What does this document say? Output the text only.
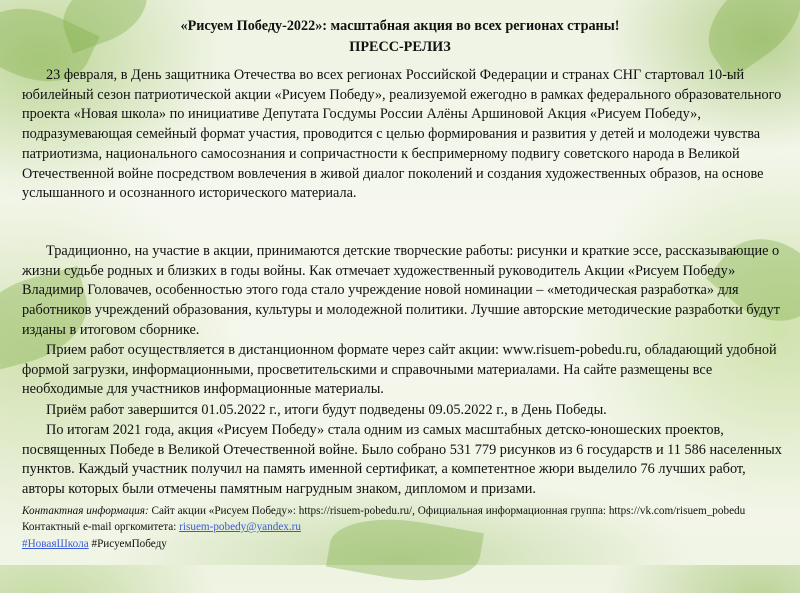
«Рисуем Победу-2022»: масштабная акция во всех регионах страны!
ПРЕСС-РЕЛИЗ

23 февраля, в День защитника Отечества во всех регионах Российской Федерации и странах СНГ стартовал 10-ый юбилейный сезон патриотической акции «Рисуем Победу», реализуемой ежегодно в рамках федерального образовательного проекта «Новая школа» по инициативе Депутата Госдумы России Алёны Аршиновой Акция «Рисуем Победу», подразумевающая семейный формат участия, проводится с целью формирования и развития у детей и молодежи чувства патриотизма, национального самосознания и сопричастности к беспримерному подвигу советского народа в Великой Отечественной войне посредством вовлечения в живой диалог поколений и создания художественных образов, на основе услышанного и осознанного исторического материала.

Традиционно, на участие в акции, принимаются детские творческие работы: рисунки и краткие эссе, рассказывающие о жизни судьбе родных и близких в годы войны. Как отмечает художественный руководитель Акции «Рисуем Победу» Владимир Головачев, особенностью этого года стало учреждение новой номинации – «методическая разработка» для работников учреждений образования, культуры и молодежной политики. Лучшие авторские методические разработки будут изданы в итоговом сборнике.

Прием работ осуществляется в дистанционном формате через сайт акции: www.risuem-pobedu.ru, обладающий удобной формой загрузки, информационными, просветительскими и справочными материалами. На сайте размещены все необходимые для участников информационные материалы.

Приём работ завершится 01.05.2022 г., итоги будут подведены 09.05.2022 г., в День Победы.

По итогам 2021 года, акция «Рисуем Победу» стала одним из самых масштабных детско-юношеских проектов, посвященных Победе в Великой Отечественной войне. Было собрано 531 779 рисунков из 6 государств и 11 586 населенных пунктов. Каждый участник получил на память именной сертификат, а компетентное жюри выделило 76 лучших работ, авторы которых были отмечены памятным нагрудным знаком, дипломом и призами.

Контактная информация: Сайт акции «Рисуем Победу»: https://risuem-pobedu.ru/, Официальная информационная группа: https://vk.com/risuem_pobedu Контактный e-mail оргкомитета: risuem-pobedy@yandex.ru

#НоваяШкола #РисуемПобеду
